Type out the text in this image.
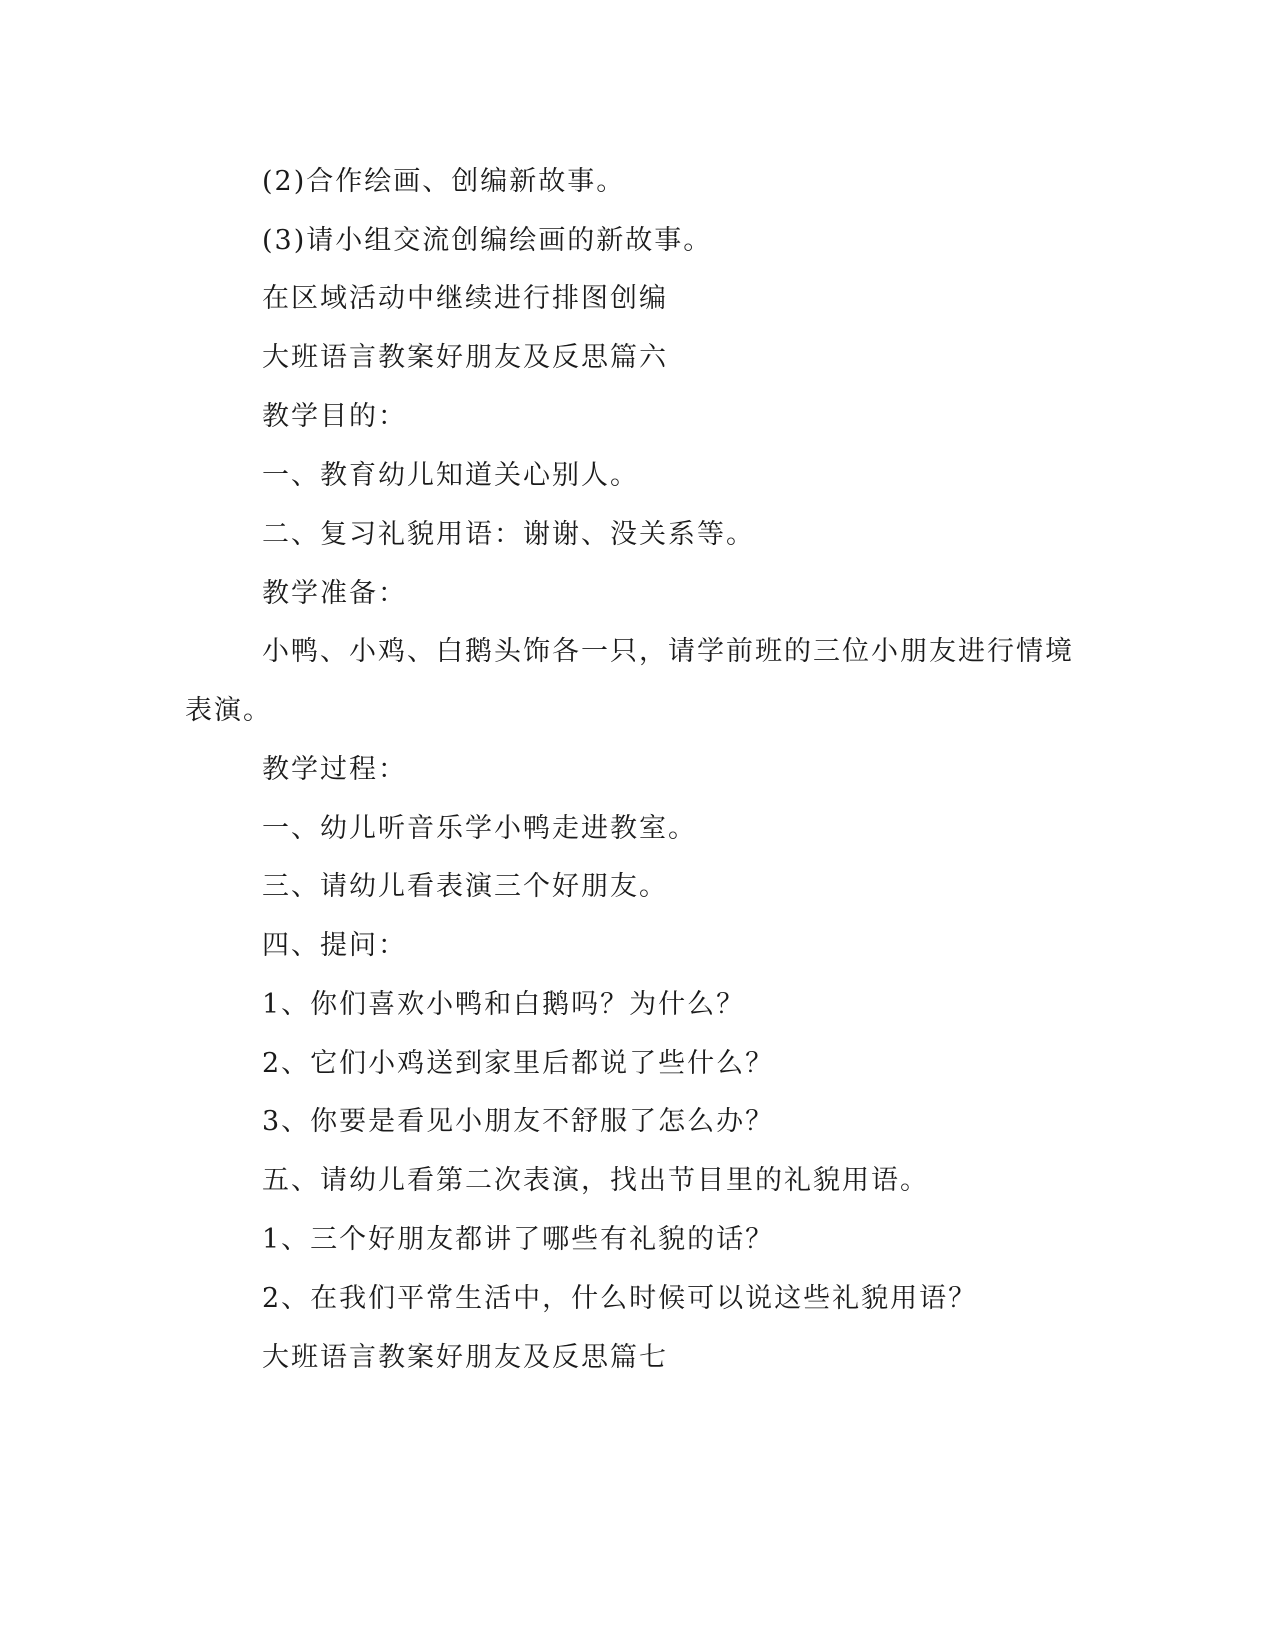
(2)合作绘画、创编新故事。
(3)请小组交流创编绘画的新故事。
在区域活动中继续进行排图创编
大班语言教案好朋友及反思篇六
教学目的：
一、教育幼儿知道关心别人。
二、复习礼貌用语：谢谢、没关系等。
教学准备：
小鸭、小鸡、白鹅头饰各一只，请学前班的三位小朋友进行情境
表演。
教学过程：
一、幼儿听音乐学小鸭走进教室。
三、请幼儿看表演三个好朋友。
四、提问：
1、你们喜欢小鸭和白鹅吗？为什么？
2、它们小鸡送到家里后都说了些什么？
3、你要是看见小朋友不舒服了怎么办？
五、请幼儿看第二次表演，找出节目里的礼貌用语。
1、三个好朋友都讲了哪些有礼貌的话？
2、在我们平常生活中，什么时候可以说这些礼貌用语？
大班语言教案好朋友及反思篇七
